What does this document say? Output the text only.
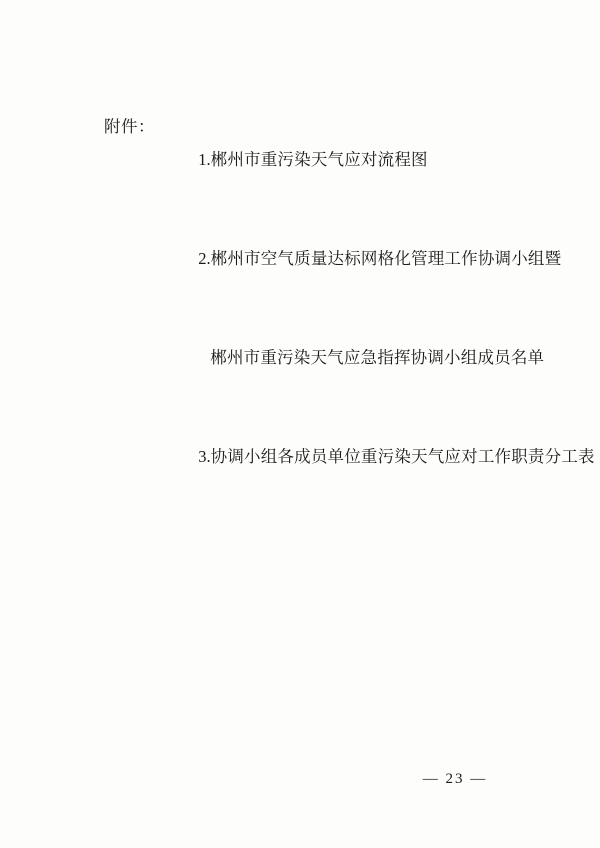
附件：

1.郴州市重污染天气应对流程图

2.郴州市空气质量达标网格化管理工作协调小组暨

郴州市重污染天气应急指挥协调小组成员名单

3.协调小组各成员单位重污染天气应对工作职责分工表

— 23 —
